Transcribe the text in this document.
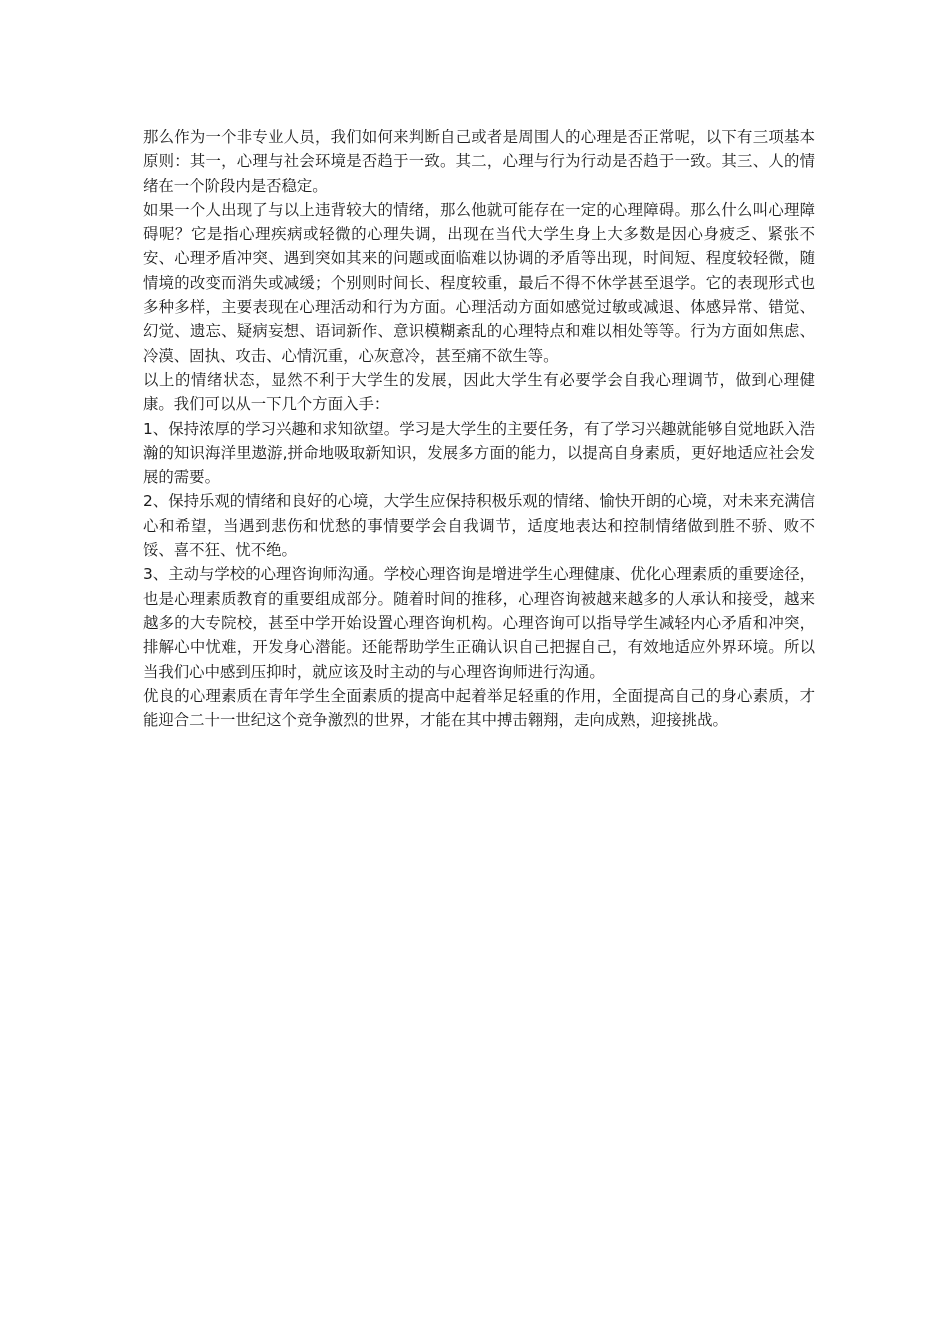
那么作为一个非专业人员，我们如何来判断自己或者是周围人的心理是否正常呢，以下有三项基本原则：其一，心理与社会环境是否趋于一致。其二，心理与行为行动是否趋于一致。其三、人的情绪在一个阶段内是否稳定。

如果一个人出现了与以上违背较大的情绪，那么他就可能存在一定的心理障碍。那么什么叫心理障碍呢？它是指心理疾病或轻微的心理失调，出现在当代大学生身上大多数是因心身疲乏、紧张不安、心理矛盾冲突、遇到突如其来的问题或面临难以协调的矛盾等出现，时间短、程度较轻微，随情境的改变而消失或减缓；个别则时间长、程度较重，最后不得不休学甚至退学。它的表现形式也多种多样，主要表现在心理活动和行为方面。心理活动方面如感觉过敏或减退、体感异常、错觉、幻觉、遗忘、疑病妄想、语词新作、意识模糊紊乱的心理特点和难以相处等等。行为方面如焦虑、冷漠、固执、攻击、心情沉重，心灰意冷，甚至痛不欲生等。

以上的情绪状态，显然不利于大学生的发展，因此大学生有必要学会自我心理调节，做到心理健康。我们可以从一下几个方面入手：

1、保持浓厚的学习兴趣和求知欲望。学习是大学生的主要任务，有了学习兴趣就能够自觉地跃入浩瀚的知识海洋里遨游,拼命地吸取新知识，发展多方面的能力，以提高自身素质，更好地适应社会发展的需要。

2、保持乐观的情绪和良好的心境，大学生应保持积极乐观的情绪、愉快开朗的心境，对未来充满信心和希望，当遇到悲伤和忧愁的事情要学会自我调节，适度地表达和控制情绪做到胜不骄、败不馁、喜不狂、忧不绝。

3、主动与学校的心理咨询师沟通。学校心理咨询是增进学生心理健康、优化心理素质的重要途径，也是心理素质教育的重要组成部分。随着时间的推移，心理咨询被越来越多的人承认和接受，越来越多的大专院校，甚至中学开始设置心理咨询机构。心理咨询可以指导学生减轻内心矛盾和冲突，排解心中忧难，开发身心潜能。还能帮助学生正确认识自己把握自己，有效地适应外界环境。所以当我们心中感到压抑时，就应该及时主动的与心理咨询师进行沟通。

优良的心理素质在青年学生全面素质的提高中起着举足轻重的作用，全面提高自己的身心素质，才能迎合二十一世纪这个竞争激烈的世界，才能在其中搏击翱翔，走向成熟，迎接挑战。
